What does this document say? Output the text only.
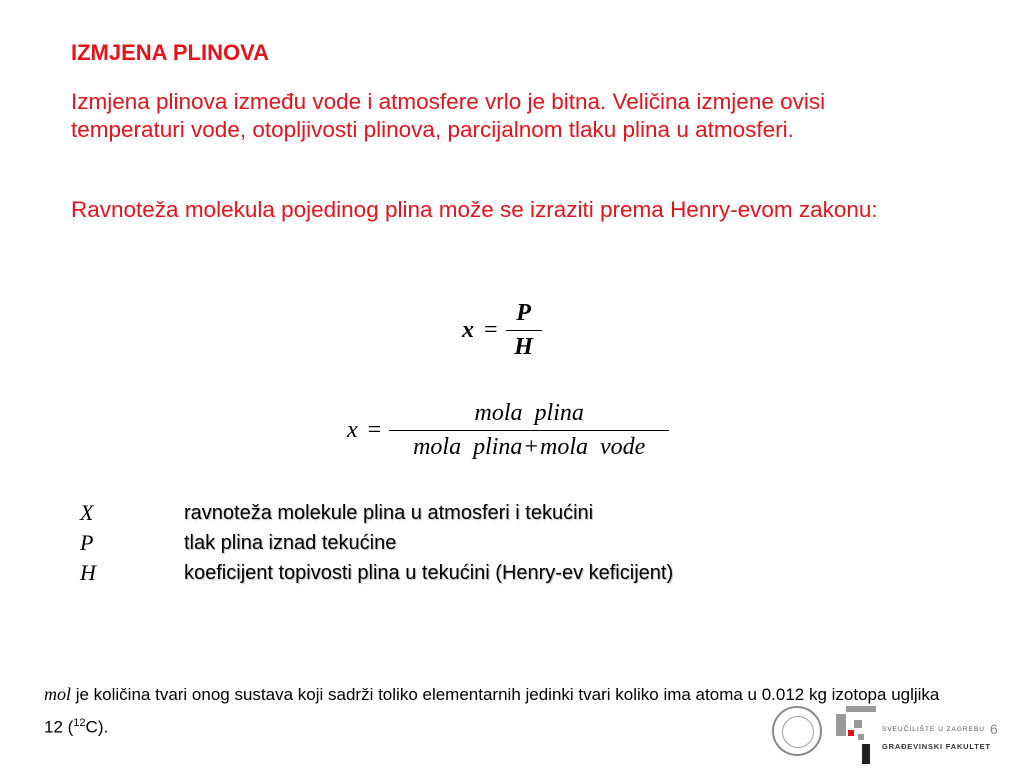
IZMJENA PLINOVA

Izmjena plinova između vode i atmosfere vrlo je bitna. Veličina izmjene ovisi temperaturi vode, otopljivosti plinova, parcijalnom tlaku plina u atmosferi.

Ravnoteža molekula pojedinog plina može se izraziti prema Henry-evom zakonu:

$x = \frac{P}{H}$
$x = \frac{\text{mola  plina}}{\text{mola  plina+mola  vode}}$
X	ravnoteža molekule plina u atmosferi i tekućini
P	tlak plina iznad tekućine
H	koeficijent topivosti plina u tekućini (Henry-ev keficijent)

mol je količina tvari onog sustava koji sadrži toliko elementarnih jedinki tvari koliko ima atoma u 0.012 kg izotopa ugljika 12 ($^{12}$C).	SVEUČILIŠTE U ZAGREBU
GRAĐEVINSKI FAKULTET
6
